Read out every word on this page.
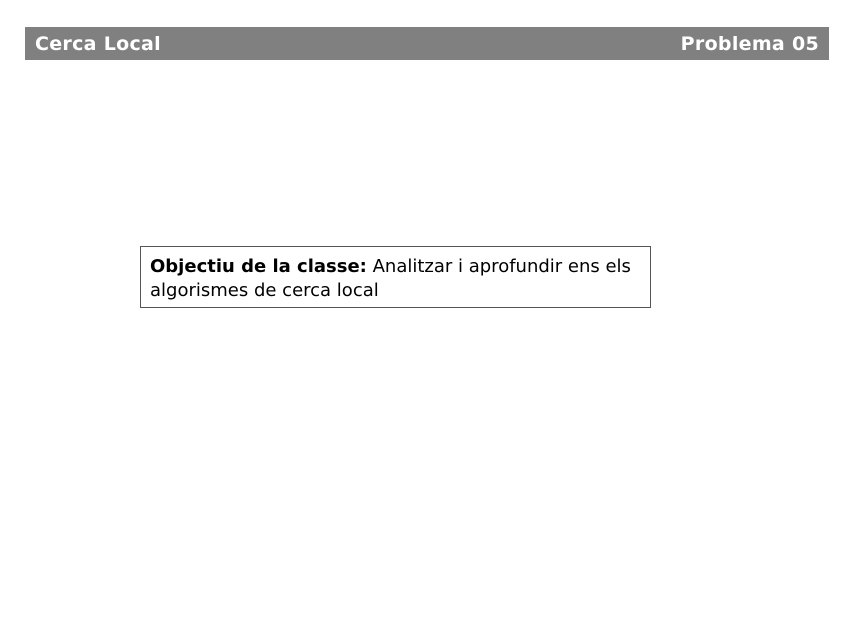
Cerca Local	Problema 05
Objectiu de la classe: Analitzar i aprofundir ens els algorismes de cerca local
